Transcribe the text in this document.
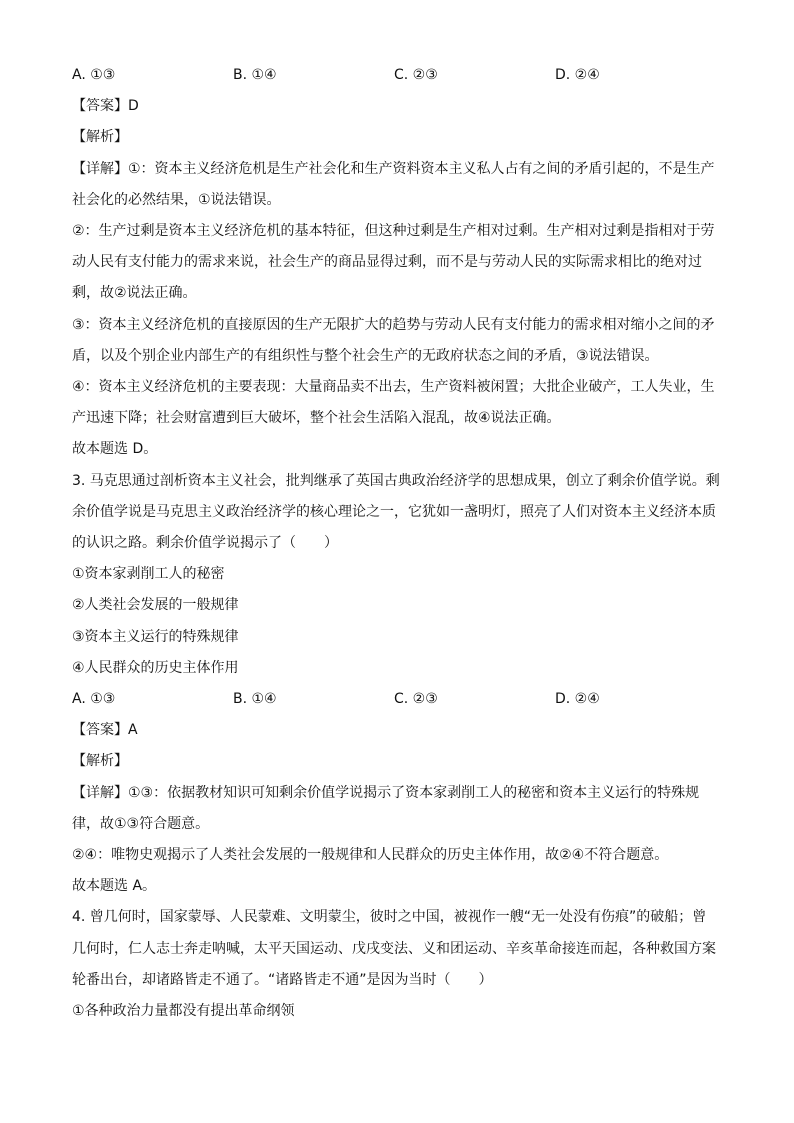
A. ①③	B. ①④	C. ②③	D. ②④
【答案】D
【解析】
【详解】①：资本主义经济危机是生产社会化和生产资料资本主义私人占有之间的矛盾引起的，不是生产
社会化的必然结果，①说法错误。
②：生产过剩是资本主义经济危机的基本特征，但这种过剩是生产相对过剩。生产相对过剩是指相对于劳
动人民有支付能力的需求来说，社会生产的商品显得过剩，而不是与劳动人民的实际需求相比的绝对过
剩，故②说法正确。
③：资本主义经济危机的直接原因的生产无限扩大的趋势与劳动人民有支付能力的需求相对缩小之间的矛
盾，以及个别企业内部生产的有组织性与整个社会生产的无政府状态之间的矛盾，③说法错误。
④：资本主义经济危机的主要表现：大量商品卖不出去，生产资料被闲置；大批企业破产，工人失业，生
产迅速下降；社会财富遭到巨大破坏，整个社会生活陷入混乱，故④说法正确。
故本题选 D。
3. 马克思通过剖析资本主义社会，批判继承了英国古典政治经济学的思想成果，创立了剩余价值学说。剩
余价值学说是马克思主义政治经济学的核心理论之一，它犹如一盏明灯，照亮了人们对资本主义经济本质
的认识之路。剩余价值学说揭示了（　　）
①资本家剥削工人的秘密
②人类社会发展的一般规律
③资本主义运行的特殊规律
④人民群众的历史主体作用
A. ①③	B. ①④	C. ②③	D. ②④
【答案】A
【解析】
【详解】①③：依据教材知识可知剩余价值学说揭示了资本家剥削工人的秘密和资本主义运行的特殊规
律，故①③符合题意。
②④：唯物史观揭示了人类社会发展的一般规律和人民群众的历史主体作用，故②④不符合题意。
故本题选 A。
4. 曾几何时，国家蒙辱、人民蒙难、文明蒙尘，彼时之中国，被视作一艘“无一处没有伤痕”的破船；曾
几何时，仁人志士奔走呐喊，太平天国运动、戊戌变法、义和团运动、辛亥革命接连而起，各种救国方案
轮番出台，却诸路皆走不通了。“诸路皆走不通”是因为当时（　　）
①各种政治力量都没有提出革命纲领
